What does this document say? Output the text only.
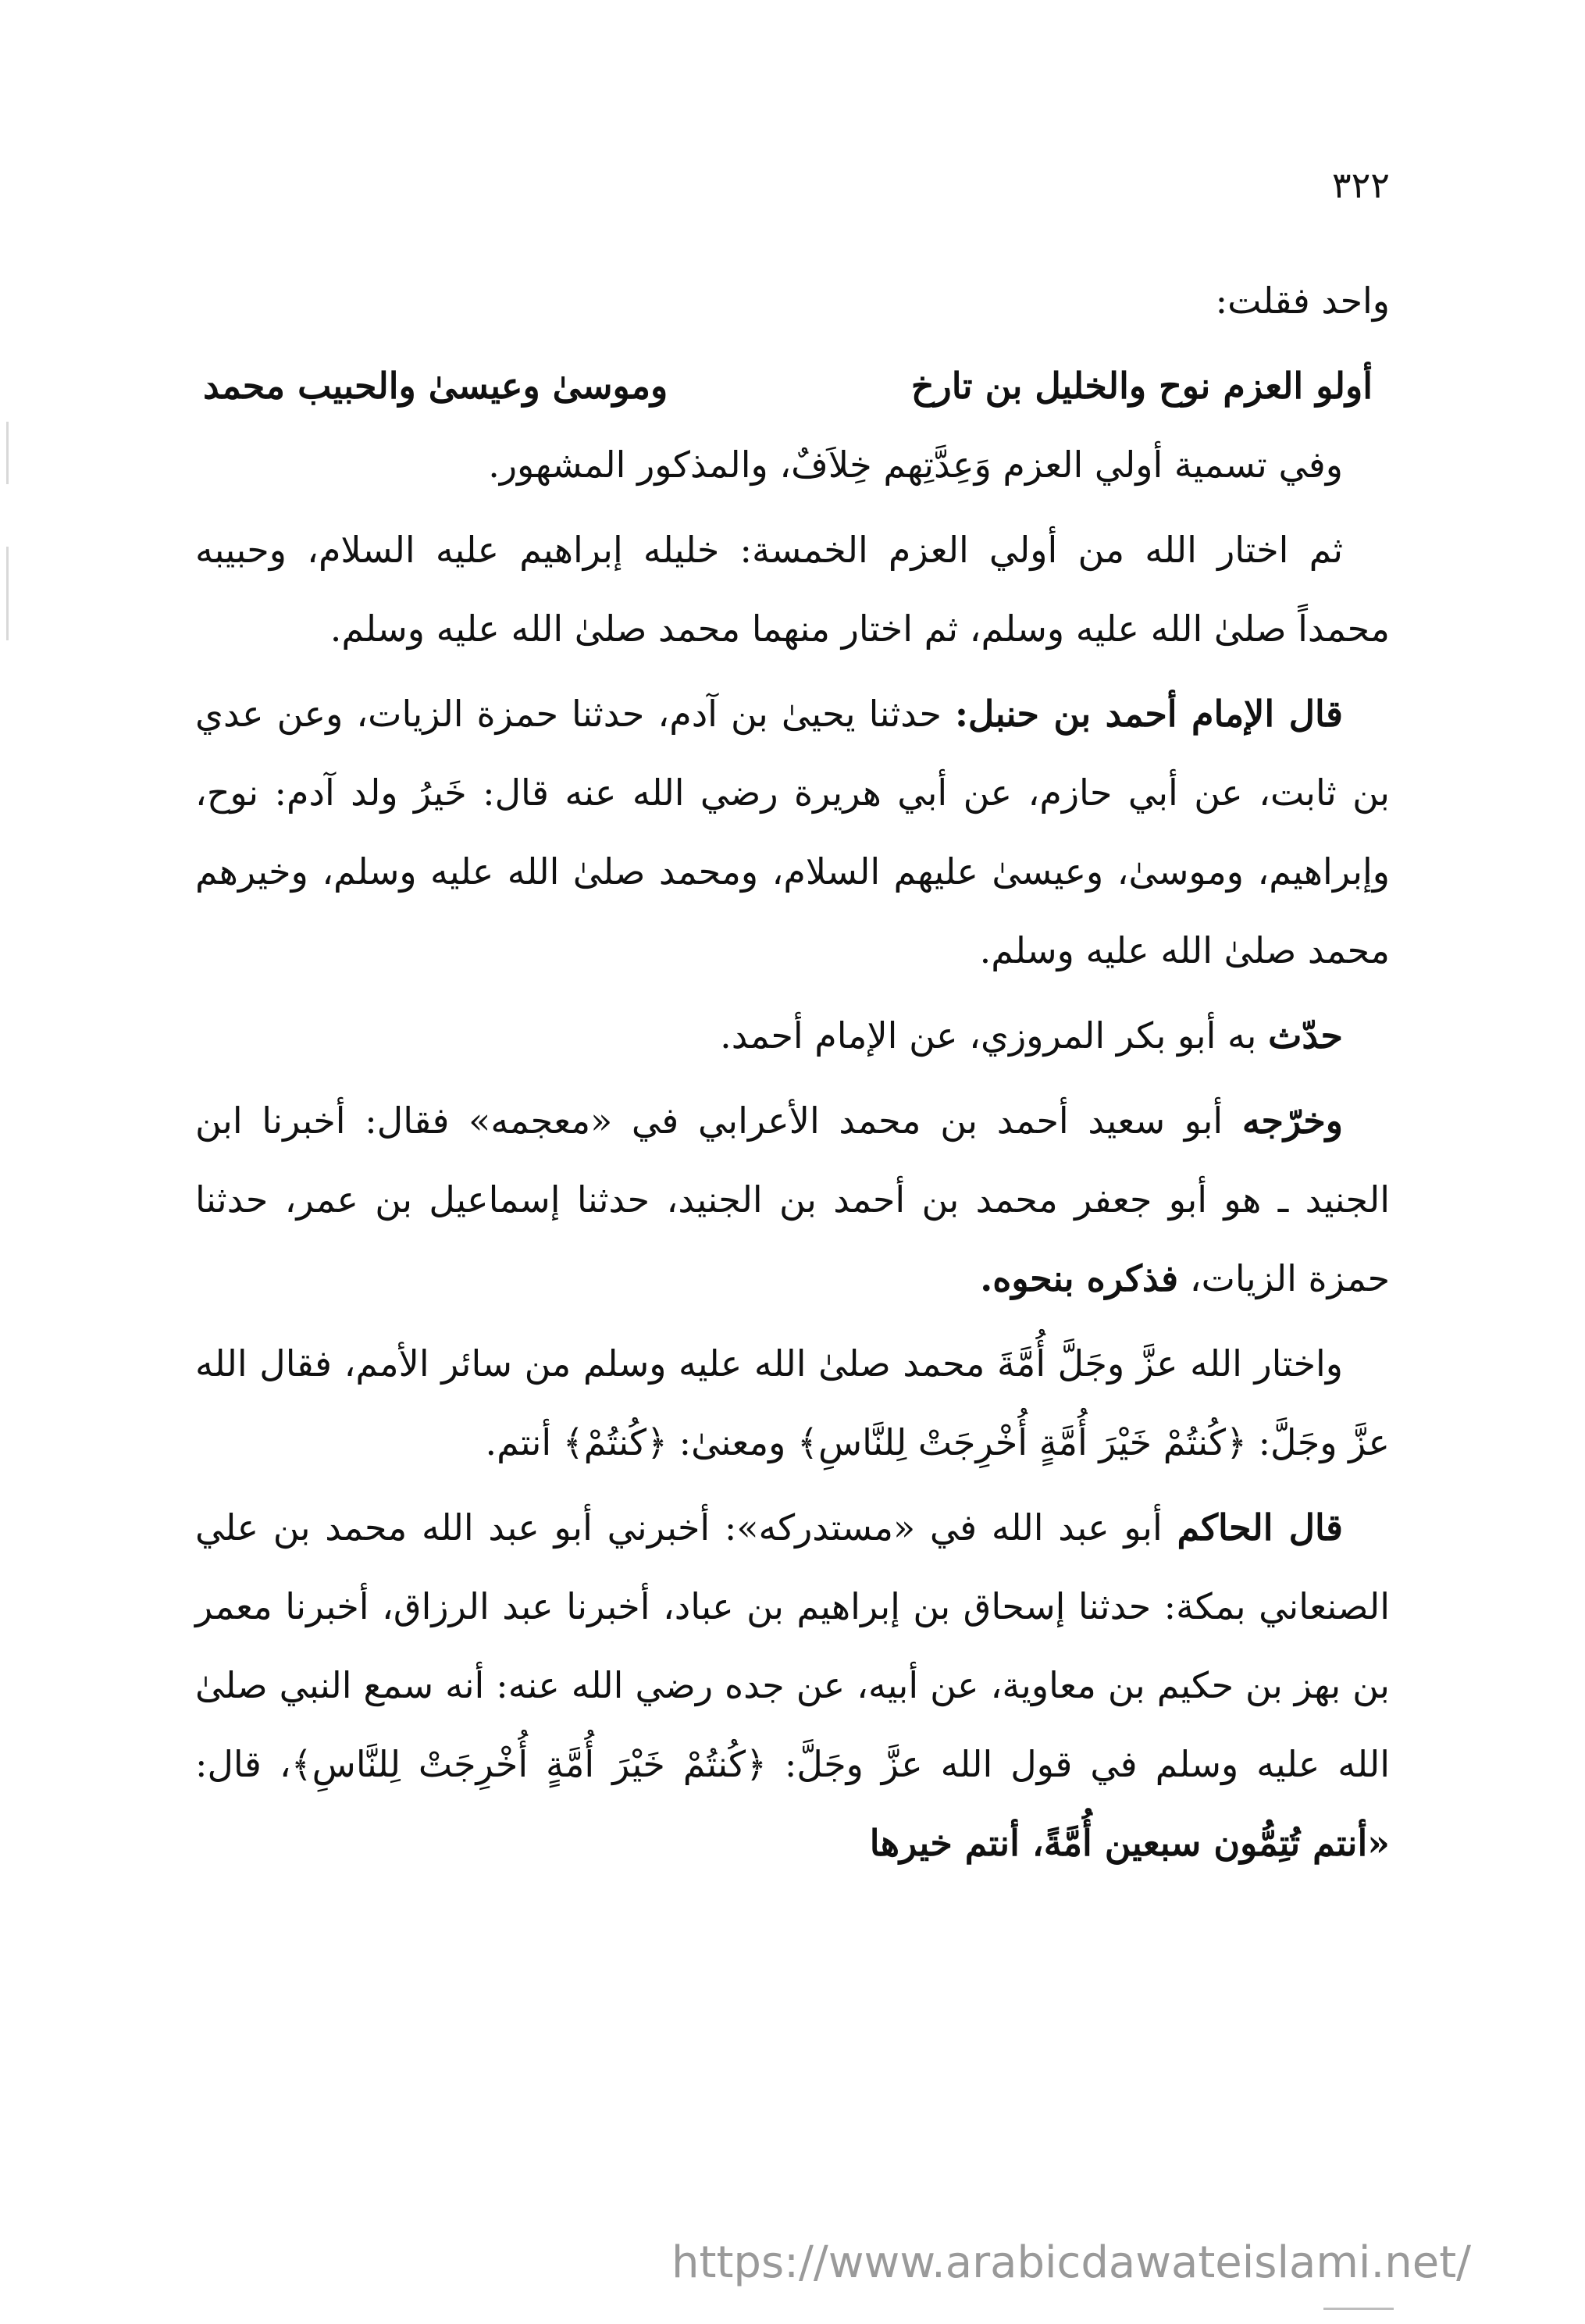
٣٢٢

واحد فقلت:

أولو العزم نوح والخليل بن تارخ
وموسىٰ وعيسىٰ والحبيب محمد

وفي تسمية أولي العزم وَعِدَّتِهم خِلاَفٌ، والمذكور المشهور.

ثم اختار الله من أولي العزم الخمسة: خليله إبراهيم عليه السلام، وحبيبه محمداً صلىٰ الله عليه وسلم، ثم اختار منهما محمد صلىٰ الله عليه وسلم.

قال الإمام أحمد بن حنبل: حدثنا يحيىٰ بن آدم، حدثنا حمزة الزيات، وعن عدي بن ثابت، عن أبي حازم، عن أبي هريرة رضي الله عنه قال: خَيرُ ولد آدم: نوح، وإبراهيم، وموسىٰ، وعيسىٰ عليهم السلام، ومحمد صلىٰ الله عليه وسلم، وخيرهم محمد صلىٰ الله عليه وسلم.

حدّث به أبو بكر المروزي، عن الإمام أحمد.

وخرّجه أبو سعيد أحمد بن محمد الأعرابي في «معجمه» فقال: أخبرنا ابن الجنيد ـ هو أبو جعفر محمد بن أحمد بن الجنيد، حدثنا إسماعيل بن عمر، حدثنا حمزة الزيات، فذكره بنحوه.

واختار الله عزَّ وجَلَّ أُمَّةَ محمد صلىٰ الله عليه وسلم من سائر الأمم، فقال الله عزَّ وجَلَّ: ﴿كُنتُمْ خَيْرَ أُمَّةٍ أُخْرِجَتْ لِلنَّاسِ﴾ ومعنىٰ: ﴿كُنتُمْ﴾ أنتم.

قال الحاكم أبو عبد الله في «مستدركه»: أخبرني أبو عبد الله محمد بن علي الصنعاني بمكة: حدثنا إسحاق بن إبراهيم بن عباد، أخبرنا عبد الرزاق، أخبرنا معمر بن بهز بن حكيم بن معاوية، عن أبيه، عن جده رضي الله عنه: أنه سمع النبي صلىٰ الله عليه وسلم في قول الله عزَّ وجَلَّ: ﴿كُنتُمْ خَيْرَ أُمَّةٍ أُخْرِجَتْ لِلنَّاسِ﴾، قال: «أنتم تُتِمُّون سبعين أُمَّةً، أنتم خيرها

https://www.arabicdawateislami.net/
